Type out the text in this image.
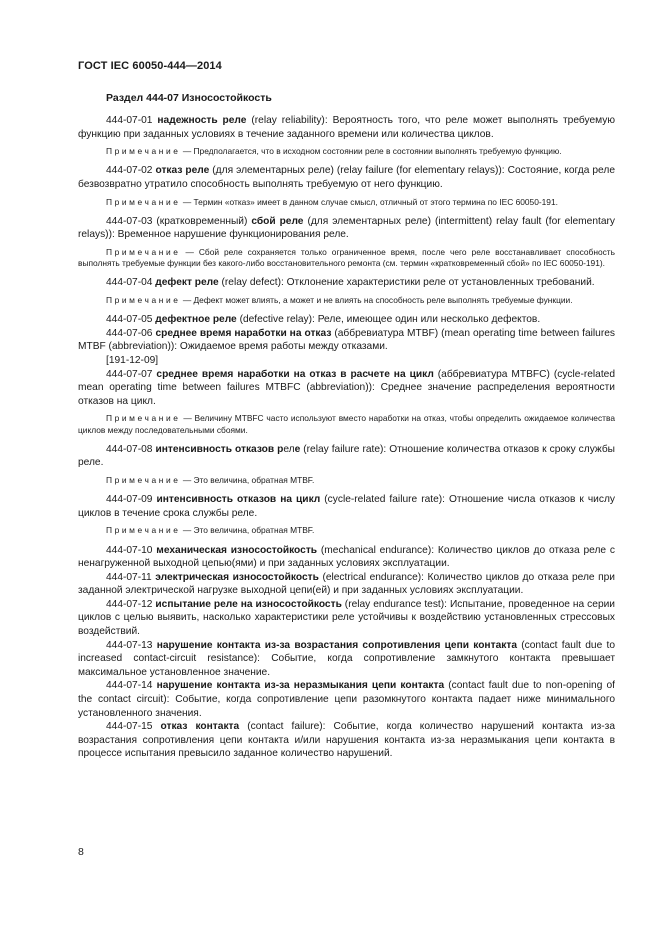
ГОСТ IEC 60050-444—2014
Раздел 444-07 Износостойкость

444-07-01 надежность реле (relay reliability): Вероятность того, что реле может выполнять требуемую функцию при заданных условиях в течение заданного времени или количества циклов.

Примечание — Предполагается, что в исходном состоянии реле в состоянии выполнять требуемую функцию.

444-07-02 отказ реле (для элементарных реле) (relay failure (for elementary relays)): Состояние, когда реле безвозвратно утратило способность выполнять требуемую от него функцию.

Примечание — Термин «отказ» имеет в данном случае смысл, отличный от этого термина по IEC 60050-191.

444-07-03 (кратковременный) сбой реле (для элементарных реле) (intermittent) relay fault (for elementary relays)): Временное нарушение функционирования реле.

Примечание — Сбой реле сохраняется только ограниченное время, после чего реле восстанавливает способность выполнять требуемые функции без какого-либо восстановительного ремонта (см. термин «кратковременный сбой» по IEC 60050-191).

444-07-04 дефект реле (relay defect): Отклонение характеристики реле от установленных требований.

Примечание — Дефект может влиять, а может и не влиять на способность реле выполнять требуемые функции.

444-07-05 дефектное реле (defective relay): Реле, имеющее один или несколько дефектов.

444-07-06 среднее время наработки на отказ (аббревиатура MTBF) (mean operating time between failures MTBF (abbreviation)): Ожидаемое время работы между отказами.

[191-12-09]

444-07-07 среднее время наработки на отказ в расчете на цикл (аббревиатура MTBFC) (cycle-related mean operating time between failures MTBFC (abbreviation)): Среднее значение распределения вероятности отказов на цикл.

Примечание — Величину MTBFC часто используют вместо наработки на отказ, чтобы определить ожидаемое количества циклов между последовательными сбоями.

444-07-08 интенсивность отказов реле (relay failure rate): Отношение количества отказов к сроку службы реле.

Примечание — Это величина, обратная MTBF.

444-07-09 интенсивность отказов на цикл (cycle-related failure rate): Отношение числа отказов к числу циклов в течение срока службы реле.

Примечание — Это величина, обратная MTBF.

444-07-10 механическая износостойкость (mechanical endurance): Количество циклов до отказа реле с ненагруженной выходной цепью(ями) и при заданных условиях эксплуатации.

444-07-11 электрическая износостойкость (electrical endurance): Количество циклов до отказа реле при заданной электрической нагрузке выходной цепи(ей) и при заданных условиях эксплуатации.

444-07-12 испытание реле на износостойкость (relay endurance test): Испытание, проведенное на серии циклов с целью выявить, насколько характеристики реле устойчивы к воздействию установленных стрессовых воздействий.

444-07-13 нарушение контакта из-за возрастания сопротивления цепи контакта (contact fault due to increased contact-circuit resistance): Событие, когда сопротивление замкнутого контакта превышает максимальное установленное значение.

444-07-14 нарушение контакта из-за неразмыкания цепи контакта (contact fault due to non-opening of the contact circuit): Событие, когда сопротивление цепи разомкнутого контакта падает ниже минимального установленного значения.

444-07-15 отказ контакта (contact failure): Событие, когда количество нарушений контакта из-за возрастания сопротивления цепи контакта и/или нарушения контакта из-за неразмыкания цепи контакта в процессе испытания превысило заданное количество нарушений.

8
